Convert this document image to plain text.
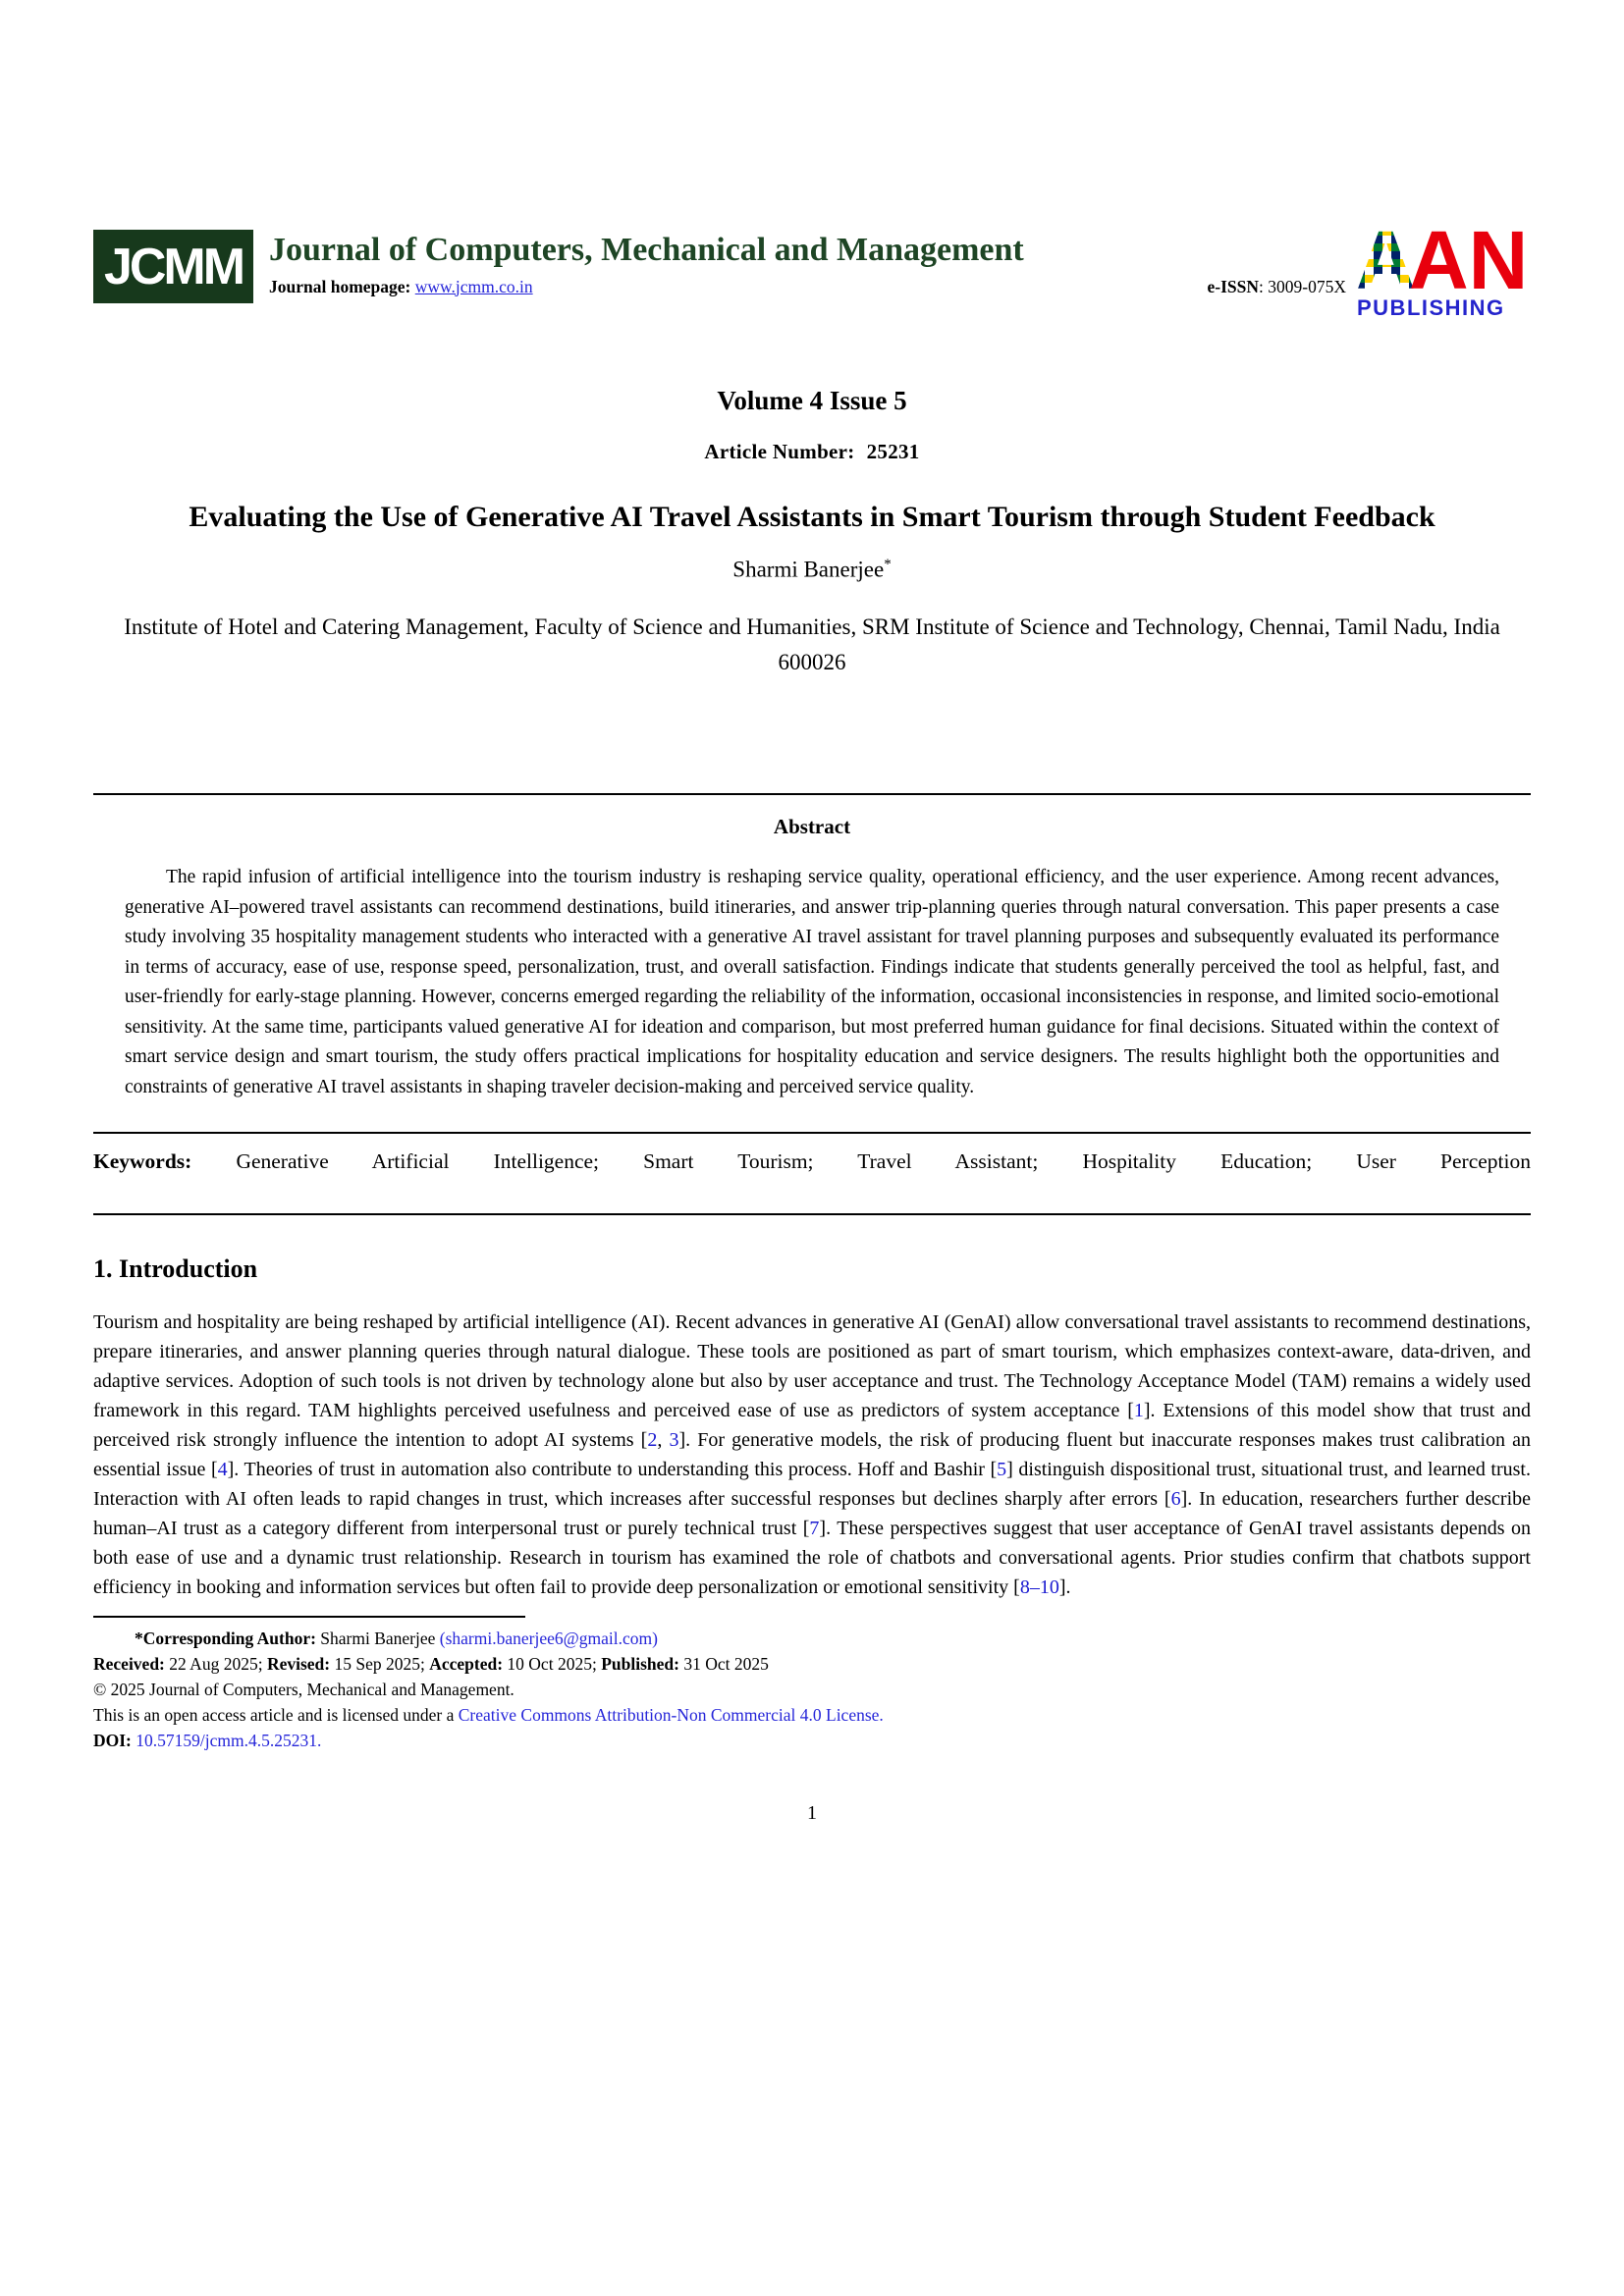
JCMM Journal of Computers, Mechanical and Management
Journal homepage: www.jcmm.co.in	e-ISSN: 3009-075X A
AN
PUBLISHING
Volume 4 Issue 5
Article Number: 25231
Evaluating the Use of Generative AI Travel Assistants in Smart Tourism through Student Feedback
Sharmi Banerjee*
Institute of Hotel and Catering Management, Faculty of Science and Humanities, SRM Institute of Science and Technology, Chennai, Tamil Nadu, India 600026
Abstract
The rapid infusion of artificial intelligence into the tourism industry is reshaping service quality, operational efficiency, and the user experience. Among recent advances, generative AI–powered travel assistants can recommend destinations, build itineraries, and answer trip-planning queries through natural conversation. This paper presents a case study involving 35 hospitality management students who interacted with a generative AI travel assistant for travel planning purposes and subsequently evaluated its performance in terms of accuracy, ease of use, response speed, personalization, trust, and overall satisfaction. Findings indicate that students generally perceived the tool as helpful, fast, and user-friendly for early-stage planning. However, concerns emerged regarding the reliability of the information, occasional inconsistencies in response, and limited socio-emotional sensitivity. At the same time, participants valued generative AI for ideation and comparison, but most preferred human guidance for final decisions. Situated within the context of smart service design and smart tourism, the study offers practical implications for hospitality education and service designers. The results highlight both the opportunities and constraints of generative AI travel assistants in shaping traveler decision-making and perceived service quality.
Keywords: Generative Artificial Intelligence; Smart Tourism; Travel Assistant; Hospitality Education; User Perception
1. Introduction
Tourism and hospitality are being reshaped by artificial intelligence (AI). Recent advances in generative AI (GenAI) allow conversational travel assistants to recommend destinations, prepare itineraries, and answer planning queries through natural dialogue. These tools are positioned as part of smart tourism, which emphasizes context-aware, data-driven, and adaptive services. Adoption of such tools is not driven by technology alone but also by user acceptance and trust. The Technology Acceptance Model (TAM) remains a widely used framework in this regard. TAM highlights perceived usefulness and perceived ease of use as predictors of system acceptance [1]. Extensions of this model show that trust and perceived risk strongly influence the intention to adopt AI systems [2, 3]. For generative models, the risk of producing fluent but inaccurate responses makes trust calibration an essential issue [4]. Theories of trust in automation also contribute to understanding this process. Hoff and Bashir [5] distinguish dispositional trust, situational trust, and learned trust. Interaction with AI often leads to rapid changes in trust, which increases after successful responses but declines sharply after errors [6]. In education, researchers further describe human–AI trust as a category different from interpersonal trust or purely technical trust [7]. These perspectives suggest that user acceptance of GenAI travel assistants depends on both ease of use and a dynamic trust relationship. Research in tourism has examined the role of chatbots and conversational agents. Prior studies confirm that chatbots support efficiency in booking and information services but often fail to provide deep personalization or emotional sensitivity [8–10].
*Corresponding Author: Sharmi Banerjee (sharmi.banerjee6@gmail.com)
Received: 22 Aug 2025; Revised: 15 Sep 2025; Accepted: 10 Oct 2025; Published: 31 Oct 2025
© 2025 Journal of Computers, Mechanical and Management.
This is an open access article and is licensed under a Creative Commons Attribution-Non Commercial 4.0 License.
DOI: 10.57159/jcmm.4.5.25231.
1
